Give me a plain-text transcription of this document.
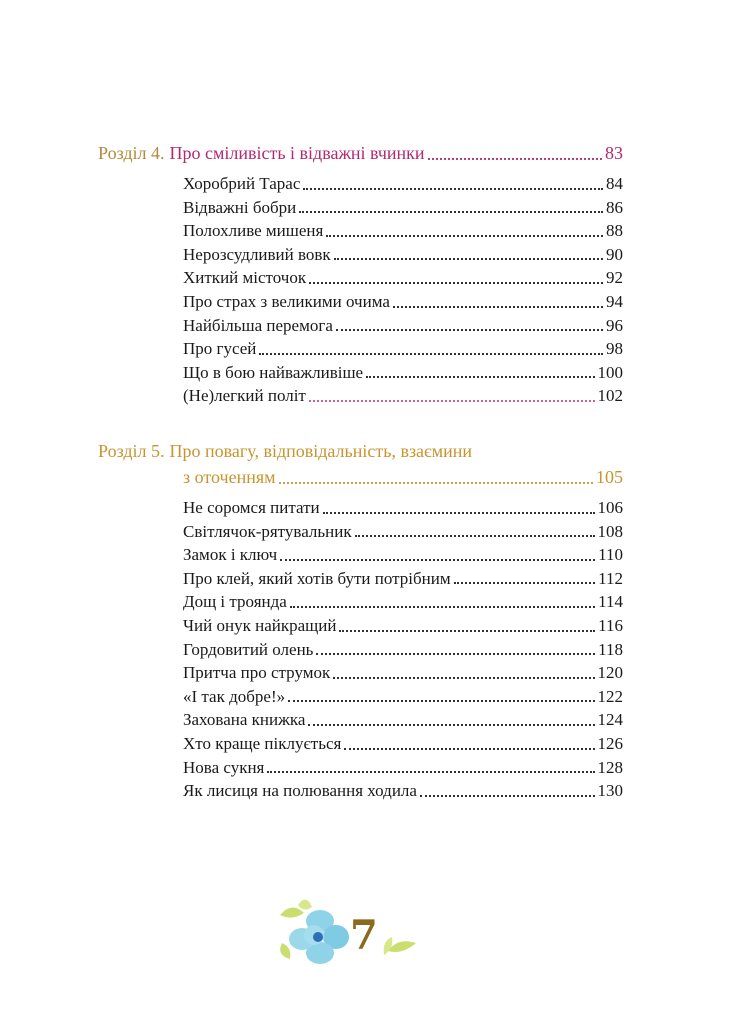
Розділ 4. Про сміливість і відважні вчинки	83
Хоробрий Тарас	84
Відважні бобри	86
Полохливе мишеня	88
Нерозсудливий вовк	90
Хиткий місточок	92
Про страх з великими очима	94
Найбільша перемога	96
Про гусей	98
Що в бою найважливіше	100
(Не)легкий політ	102
Розділ 5. Про повагу, відповідальність, взаємини
з оточенням	105
Не соромся питати	106
Світлячок-рятувальник	108
Замок і ключ	110
Про клей, який хотів бути потрібним	112
Дощ і троянда	114
Чий онук найкращий	116
Гордовитий олень	118
Притча про струмок	120
«І так добре!»	122
Захована книжка	124
Хто краще піклується	126
Нова сукня	128
Як лисиця на полювання ходила	130
7
